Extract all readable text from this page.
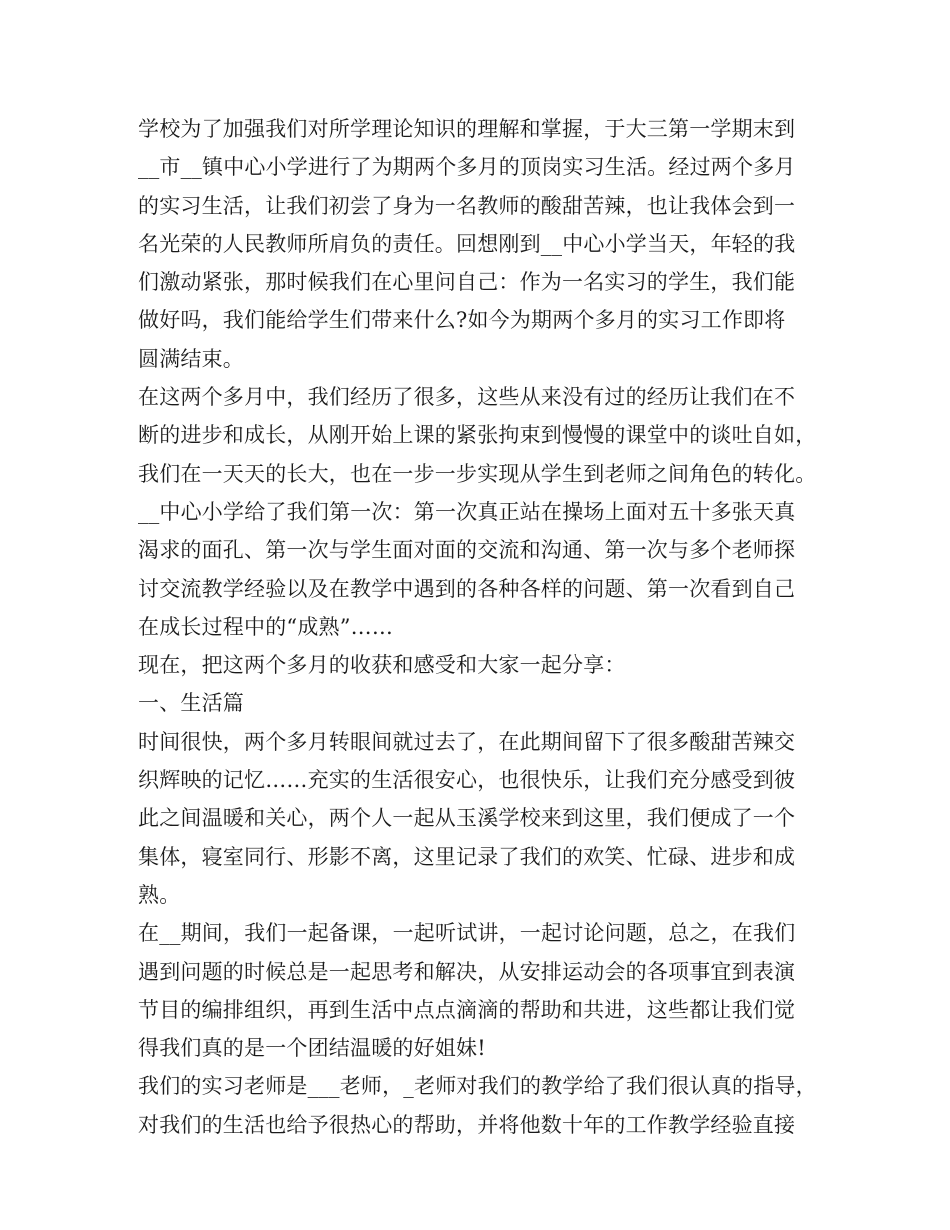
学校为了加强我们对所学理论知识的理解和掌握，于大三第一学期末到
__市__镇中心小学进行了为期两个多月的顶岗实习生活。经过两个多月
的实习生活，让我们初尝了身为一名教师的酸甜苦辣，也让我体会到一
名光荣的人民教师所肩负的责任。回想刚到__中心小学当天，年轻的我
们激动紧张，那时候我们在心里问自己：作为一名实习的学生，我们能
做好吗，我们能给学生们带来什么?如今为期两个多月的实习工作即将
圆满结束。
在这两个多月中，我们经历了很多，这些从来没有过的经历让我们在不
断的进步和成长，从刚开始上课的紧张拘束到慢慢的课堂中的谈吐自如，
我们在一天天的长大，也在一步一步实现从学生到老师之间角色的转化。
__中心小学给了我们第一次：第一次真正站在操场上面对五十多张天真
渴求的面孔、第一次与学生面对面的交流和沟通、第一次与多个老师探
讨交流教学经验以及在教学中遇到的各种各样的问题、第一次看到自己
在成长过程中的“成熟”……
现在，把这两个多月的收获和感受和大家一起分享：
一、生活篇
时间很快，两个多月转眼间就过去了，在此期间留下了很多酸甜苦辣交
织辉映的记忆……充实的生活很安心，也很快乐，让我们充分感受到彼
此之间温暖和关心，两个人一起从玉溪学校来到这里，我们便成了一个
集体，寝室同行、形影不离，这里记录了我们的欢笑、忙碌、进步和成
熟。
在__期间，我们一起备课，一起听试讲，一起讨论问题，总之，在我们
遇到问题的时候总是一起思考和解决，从安排运动会的各项事宜到表演
节目的编排组织，再到生活中点点滴滴的帮助和共进，这些都让我们觉
得我们真的是一个团结温暖的好姐妹!
我们的实习老师是___老师，_老师对我们的教学给了我们很认真的指导，
对我们的生活也给予很热心的帮助，并将他数十年的工作教学经验直接
